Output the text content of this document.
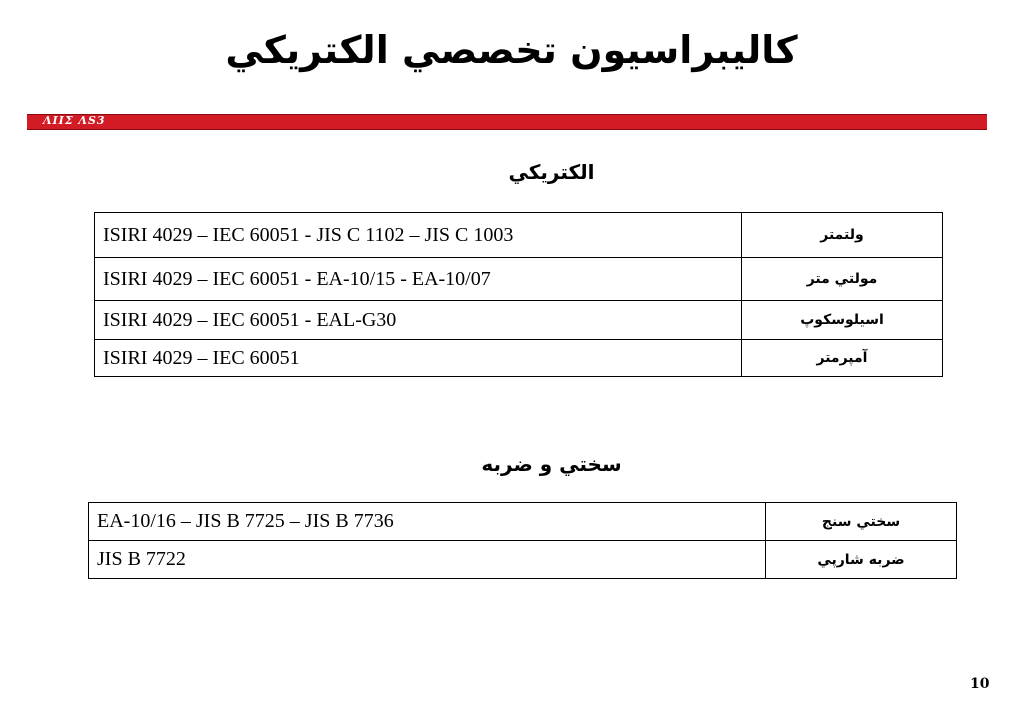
کاليبراسيون تخصصي الکتريکي
ΛIIΣ ΛS3
الکتريکي
ISIRI 4029 – IEC 60051 - JIS C 1102 – JIS C 1003	ولتمتر
ISIRI 4029 – IEC 60051 - EA-10/15 - EA-10/07	مولتي متر
ISIRI 4029 – IEC 60051 - EAL-G30	اسيلوسکوپ
ISIRI 4029 – IEC 60051	آمپرمتر
سختي و ضربه
EA-10/16 – JIS B 7725 – JIS B 7736	سختي سنج
JIS B 7722	ضربه شارپي
10
